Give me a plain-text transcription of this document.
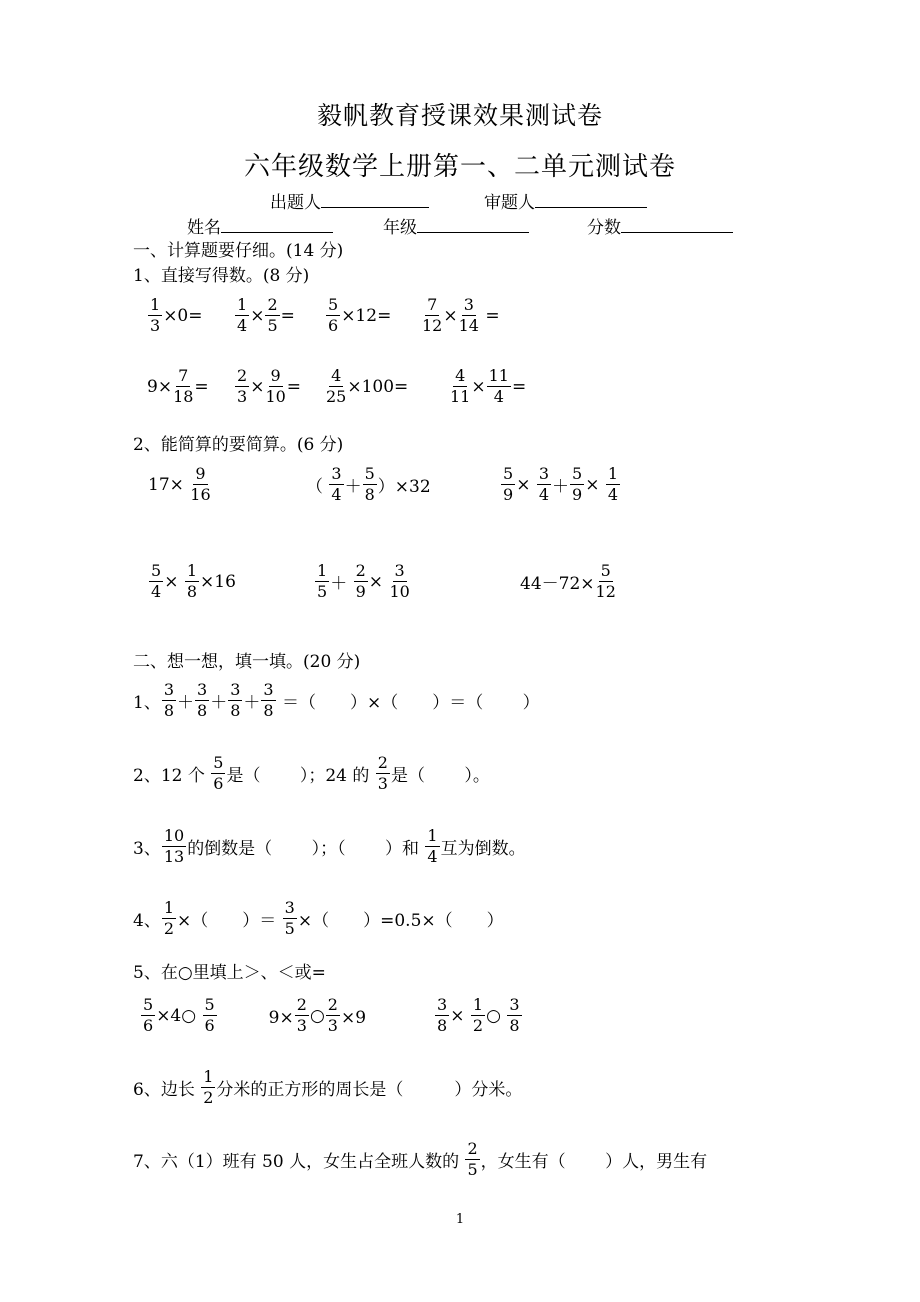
毅帆教育授课效果测试卷
六年级数学上册第一、二单元测试卷
出题人	审题人
姓名	年级	分数
一、计算题要仔细。(14 分)
1、直接写得数。(8 分)
$\frac{1}{3} \times 0= \frac{1}{4} \times \frac{2}{5} = \frac{5}{6} \times 12= \frac{7}{12} \times \frac{3}{14}$ =
$9\times \frac{7}{18} = \frac{2}{3} \times \frac{9}{10} = \frac{4}{25} \times 100=$	$\frac{4}{11} \times \frac{11}{4}$ =
2、能简算的要简算。(6 分)
$17\times \frac{9}{16}$	（ $\frac{3}{4} + \frac{5}{8} )\times 32$	$\frac{5}{9} \times \frac{3}{4} + \frac{5}{9} \times \frac{1}{4}$
$\frac{5}{4} \times \frac{1}{8} \times 16$	$\frac{1}{5} + \frac{2}{9} \times \frac{3}{10}$	$44-72\times \frac{5}{12}$
二、想一想，填一填。(20 分)
1、 $\frac{3}{8} + \frac{3}{8} + \frac{3}{8} + \frac{3}{8}$ ＝（　　）×（　　）＝（　　 ）
2、12 个 $\frac{5}{6}$ 是（　　 ）；24 的 $\frac{2}{3}$ 是（　　 ）。
3、 $\frac{10}{13}$ 的倒数是（　　 ）；（　　 ）和 $\frac{1}{4}$ 互为倒数。
4、 $\frac{1}{2}$ ×（　　）＝ $\frac{3}{5}$ ×（　　）=0.5×（　　）
5、在○里填上＞、＜或=
$\frac{5}{6}$ ×4○ $\frac{5}{6}$ 　　　$9\times \frac{2}{3}$ ○ $\frac{2}{3} \times 9$　　　　 $\frac{3}{8} \times \frac{1}{2}$ ○ $\frac{3}{8}$
6、边长 $\frac{1}{2}$ 分米的正方形的周长是（　　　）分米。
7、六（1）班有 50 人，女生占全班人数的 $\frac{2}{5}$ ，女生有（　　 ）人，男生有
1
